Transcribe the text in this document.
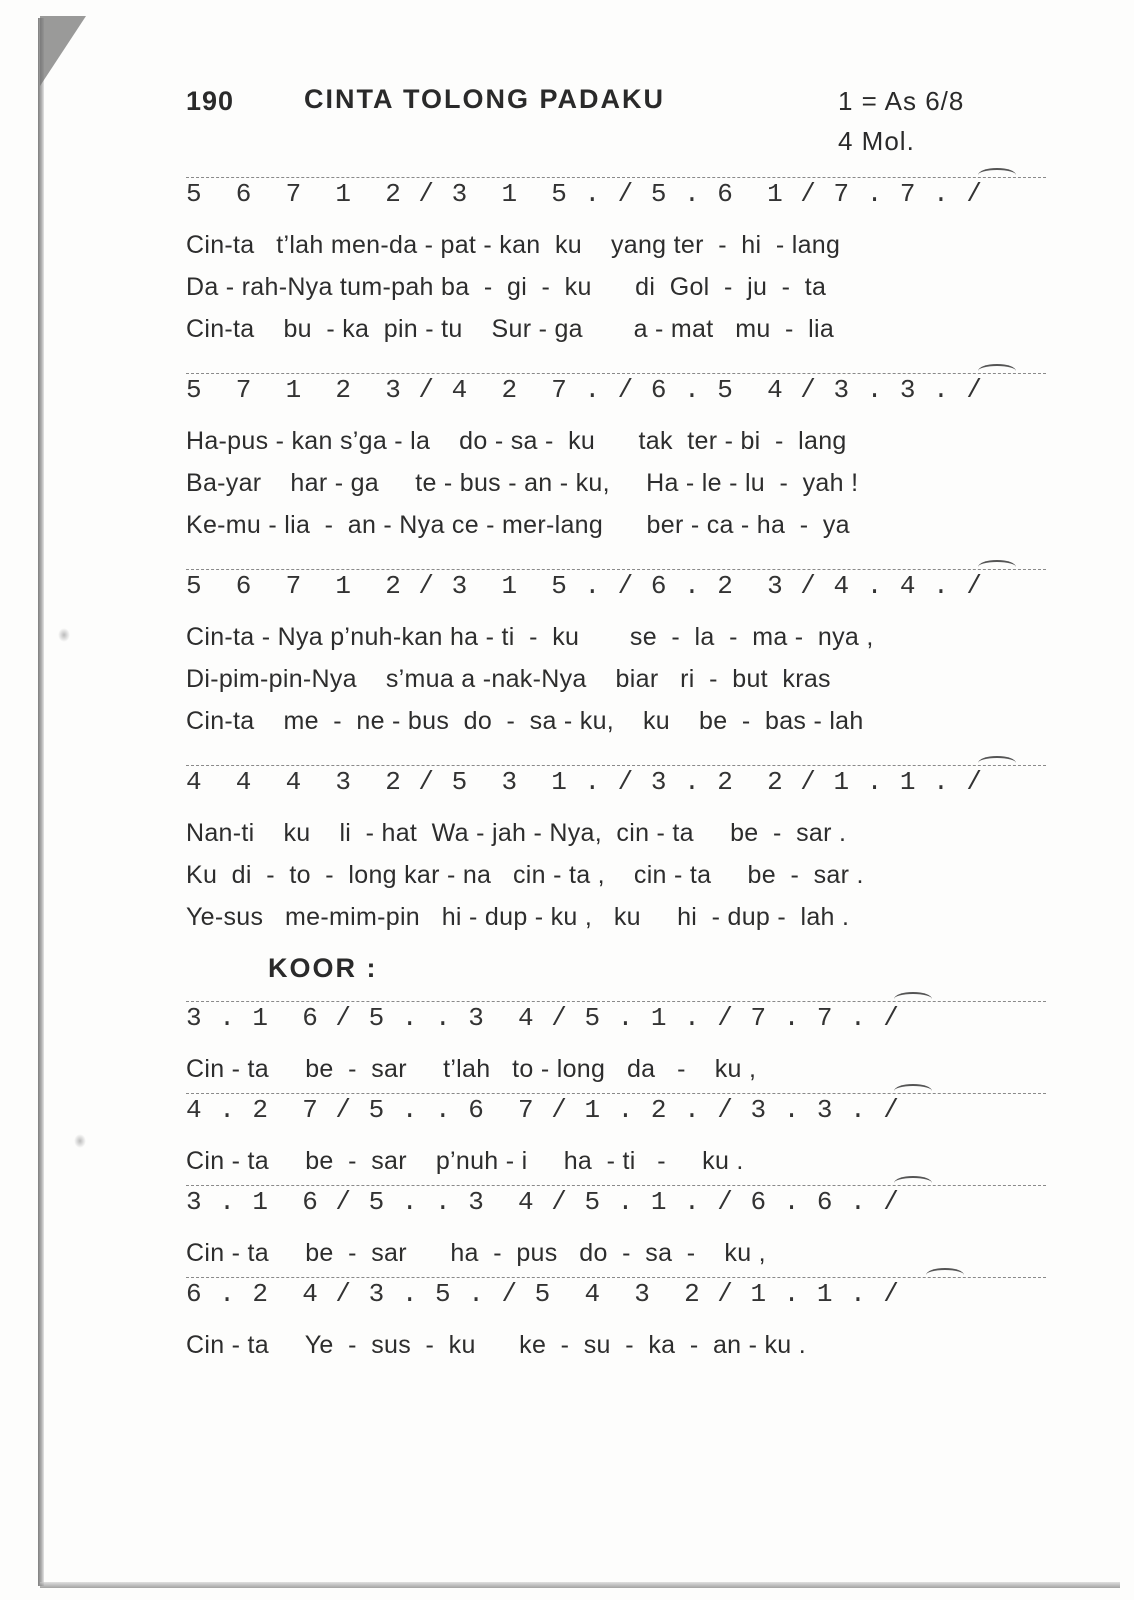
190	CINTA TOLONG PADAKU	1 = As 6/8
4 Mol.
5  6  7  1  2 / 3  1  5 . / 5 . 6  1 / 7 . 7 . /
Cin-ta   t’lah men-da - pat - kan  ku    yang ter  -  hi  - lang
Da - rah-Nya tum-pah ba  -  gi  -  ku      di  Gol  -  ju  -  ta
Cin-ta    bu  - ka  pin - tu    Sur - ga       a - mat   mu  -  lia
5  7  1  2  3 / 4  2  7 . / 6 . 5  4 / 3 . 3 . /
Ha-pus - kan s’ga - la    do - sa -  ku      tak  ter - bi  -  lang
Ba-yar    har - ga     te - bus - an - ku,     Ha - le - lu  -  yah !
Ke-mu - lia  -  an - Nya ce - mer-lang      ber - ca - ha  -  ya
5  6  7  1  2 / 3  1  5 . / 6 . 2  3 / 4 . 4 . /
Cin-ta - Nya p’nuh-kan ha - ti  -  ku       se  -  la  -  ma -  nya ,
Di-pim-pin-Nya    s’mua a -nak-Nya    biar   ri  -  but  kras
Cin-ta    me  -  ne - bus  do  -  sa - ku,    ku    be  -  bas - lah
4  4  4  3  2 / 5  3  1 . / 3 . 2  2 / 1 . 1 . /
Nan-ti    ku    li  - hat  Wa - jah - Nya,  cin - ta     be  -  sar .
Ku  di  -  to  -  long kar - na   cin - ta ,    cin - ta     be  -  sar .
Ye-sus   me-mim-pin   hi - dup - ku ,   ku     hi  - dup -  lah .
KOOR :
3 . 1  6 / 5 . . 3  4 / 5 . 1 . / 7 . 7 . /
Cin - ta     be  -  sar     t’lah   to - long   da   -    ku ,
4 . 2  7 / 5 . . 6  7 / 1 . 2 . / 3 . 3 . /
Cin - ta     be  -  sar    p’nuh - i     ha  - ti   -     ku .
3 . 1  6 / 5 . . 3  4 / 5 . 1 . / 6 . 6 . /
Cin - ta     be  -  sar      ha  -  pus   do  -  sa  -    ku ,
6 . 2  4 / 3 . 5 . / 5  4  3  2 / 1 . 1 . /
Cin - ta     Ye  -  sus  -  ku      ke  -  su  -  ka  -  an - ku .
